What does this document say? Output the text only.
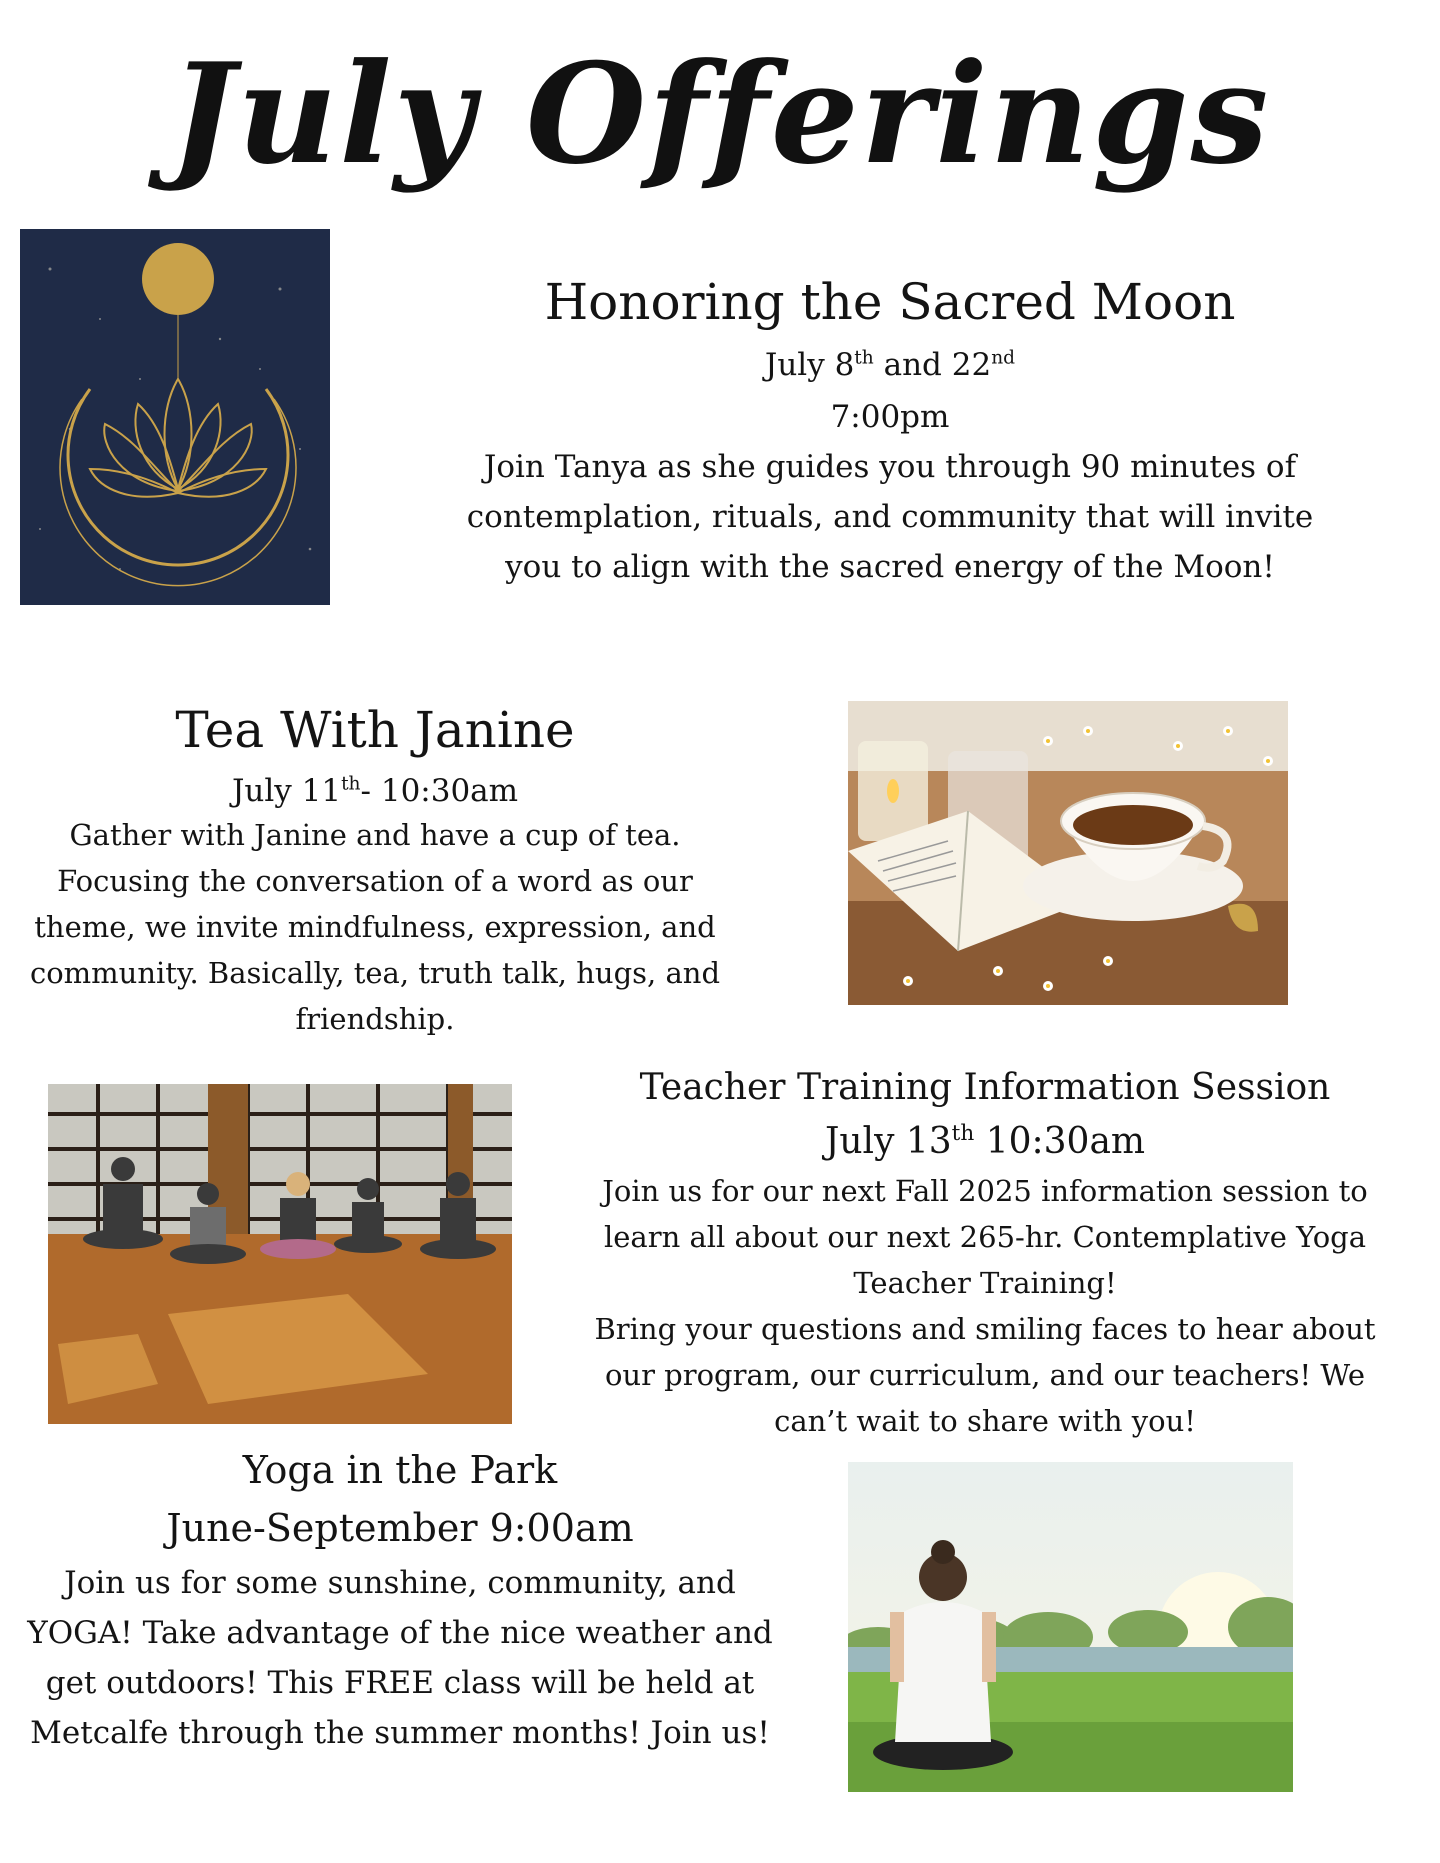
July Offerings
Honoring the Sacred Moon
July 8th and 22nd
7:00pm
Join Tanya as she guides you through 90 minutes of contemplation, rituals, and community that will invite you to align with the sacred energy of the Moon!
Tea With Janine
July 11th- 10:30am
Gather with Janine and have a cup of tea. Focusing the conversation of a word as our theme, we invite mindfulness, expression, and community. Basically, tea, truth talk, hugs, and friendship.
Teacher Training Information Session
July 13th 10:30am

Join us for our next Fall 2025 information session to learn all about our next 265-hr. Contemplative Yoga Teacher Training!

Bring your questions and smiling faces to hear about our program, our curriculum, and our teachers! We can’t wait to share with you!

Yoga in the Park
June-September 9:00am
Join us for some sunshine, community, and YOGA! Take advantage of the nice weather and get outdoors! This FREE class will be held at Metcalfe through the summer months! Join us!
